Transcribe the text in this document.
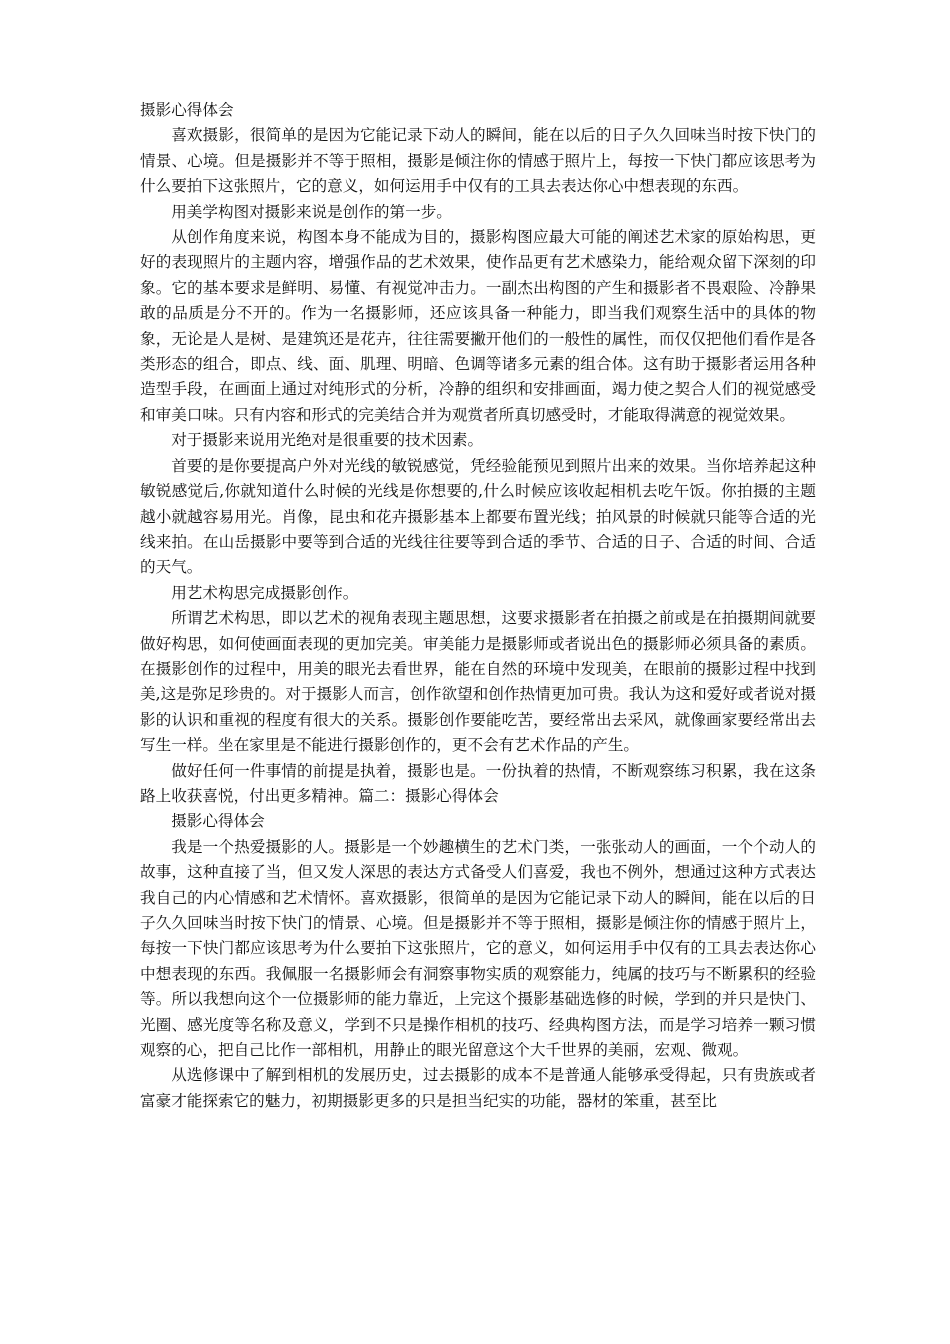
摄影心得体会

喜欢摄影，很简单的是因为它能记录下动人的瞬间，能在以后的日子久久回味当时按下快门的情景、心境。但是摄影并不等于照相，摄影是倾注你的情感于照片上，每按一下快门都应该思考为什么要拍下这张照片，它的意义，如何运用手中仅有的工具去表达你心中想表现的东西。

用美学构图对摄影来说是创作的第一步。

从创作角度来说，构图本身不能成为目的，摄影构图应最大可能的阐述艺术家的原始构思，更好的表现照片的主题内容，增强作品的艺术效果，使作品更有艺术感染力，能给观众留下深刻的印象。它的基本要求是鲜明、易懂、有视觉冲击力。一副杰出构图的产生和摄影者不畏艰险、冷静果敢的品质是分不开的。作为一名摄影师，还应该具备一种能力，即当我们观察生活中的具体的物象，无论是人是树、是建筑还是花卉，往往需要撇开他们的一般性的属性，而仅仅把他们看作是各类形态的组合，即点、线、面、肌理、明暗、色调等诸多元素的组合体。这有助于摄影者运用各种造型手段，在画面上通过对纯形式的分析，冷静的组织和安排画面，竭力使之契合人们的视觉感受和审美口味。只有内容和形式的完美结合并为观赏者所真切感受时，才能取得满意的视觉效果。

对于摄影来说用光绝对是很重要的技术因素。

首要的是你要提高户外对光线的敏锐感觉，凭经验能预见到照片出来的效果。当你培养起这种敏锐感觉后,你就知道什么时候的光线是你想要的,什么时候应该收起相机去吃午饭。你拍摄的主题越小就越容易用光。肖像，昆虫和花卉摄影基本上都要布置光线；拍风景的时候就只能等合适的光线来拍。在山岳摄影中要等到合适的光线往往要等到合适的季节、合适的日子、合适的时间、合适的天气。

用艺术构思完成摄影创作。

所谓艺术构思，即以艺术的视角表现主题思想，这要求摄影者在拍摄之前或是在拍摄期间就要做好构思，如何使画面表现的更加完美。审美能力是摄影师或者说出色的摄影师必须具备的素质。在摄影创作的过程中，用美的眼光去看世界，能在自然的环境中发现美，在眼前的摄影过程中找到美,这是弥足珍贵的。对于摄影人而言，创作欲望和创作热情更加可贵。我认为这和爱好或者说对摄影的认识和重视的程度有很大的关系。摄影创作要能吃苦，要经常出去采风，就像画家要经常出去写生一样。坐在家里是不能进行摄影创作的，更不会有艺术作品的产生。

做好任何一件事情的前提是执着，摄影也是。一份执着的热情，不断观察练习积累，我在这条路上收获喜悦，付出更多精神。篇二：摄影心得体会

摄影心得体会

我是一个热爱摄影的人。摄影是一个妙趣横生的艺术门类，一张张动人的画面，一个个动人的故事，这种直接了当，但又发人深思的表达方式备受人们喜爱，我也不例外，想通过这种方式表达我自己的内心情感和艺术情怀。喜欢摄影，很简单的是因为它能记录下动人的瞬间，能在以后的日子久久回味当时按下快门的情景、心境。但是摄影并不等于照相，摄影是倾注你的情感于照片上，每按一下快门都应该思考为什么要拍下这张照片，它的意义，如何运用手中仅有的工具去表达你心中想表现的东西。我佩服一名摄影师会有洞察事物实质的观察能力，纯属的技巧与不断累积的经验等。所以我想向这个一位摄影师的能力靠近，上完这个摄影基础选修的时候，学到的并只是快门、光圈、感光度等名称及意义，学到不只是操作相机的技巧、经典构图方法，而是学习培养一颗习惯观察的心，把自己比作一部相机，用静止的眼光留意这个大千世界的美丽，宏观、微观。

从选修课中了解到相机的发展历史，过去摄影的成本不是普通人能够承受得起，只有贵族或者富豪才能探索它的魅力，初期摄影更多的只是担当纪实的功能，器材的笨重，甚至比
